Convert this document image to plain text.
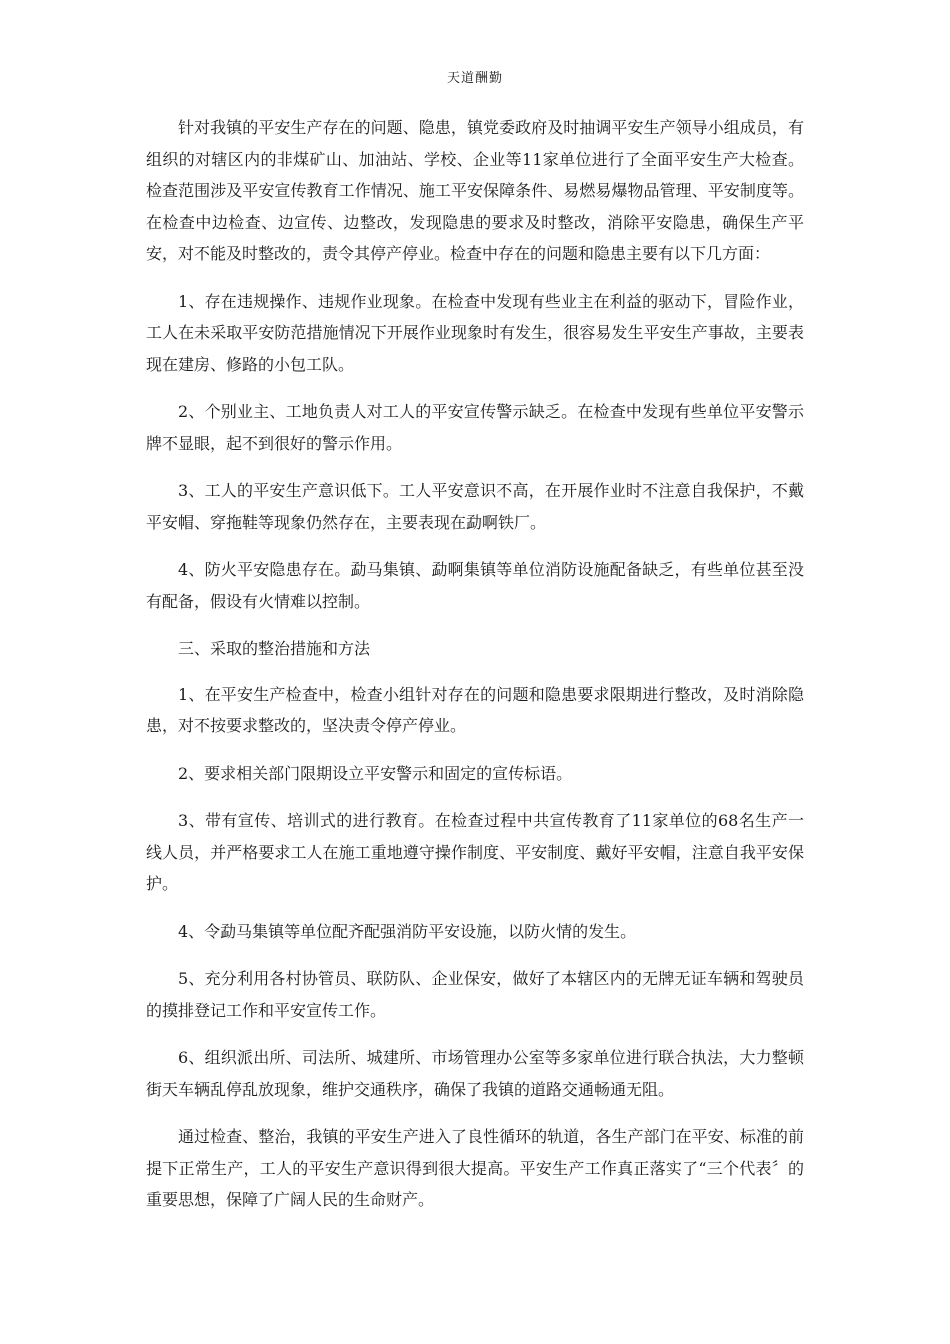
天道酬勤

针对我镇的平安生产存在的问题、隐患，镇党委政府及时抽调平安生产领导小组成员，有组织的对辖区内的非煤矿山、加油站、学校、企业等11家单位进行了全面平安生产大检查。检查范围涉及平安宣传教育工作情况、施工平安保障条件、易燃易爆物品管理、平安制度等。在检查中边检查、边宣传、边整改，发现隐患的要求及时整改，消除平安隐患，确保生产平安，对不能及时整改的，责令其停产停业。检查中存在的问题和隐患主要有以下几方面：

1、存在违规操作、违规作业现象。在检查中发现有些业主在利益的驱动下，冒险作业，工人在未采取平安防范措施情况下开展作业现象时有发生，很容易发生平安生产事故，主要表现在建房、修路的小包工队。

2、个别业主、工地负责人对工人的平安宣传警示缺乏。在检查中发现有些单位平安警示牌不显眼，起不到很好的警示作用。

3、工人的平安生产意识低下。工人平安意识不高，在开展作业时不注意自我保护，不戴平安帽、穿拖鞋等现象仍然存在，主要表现在勐啊铁厂。

4、防火平安隐患存在。勐马集镇、勐啊集镇等单位消防设施配备缺乏，有些单位甚至没有配备，假设有火情难以控制。

三、采取的整治措施和方法

1、在平安生产检查中，检查小组针对存在的问题和隐患要求限期进行整改，及时消除隐患，对不按要求整改的，坚决责令停产停业。

2、要求相关部门限期设立平安警示和固定的宣传标语。

3、带有宣传、培训式的进行教育。在检查过程中共宣传教育了11家单位的68名生产一线人员，并严格要求工人在施工重地遵守操作制度、平安制度、戴好平安帽，注意自我平安保护。

4、令勐马集镇等单位配齐配强消防平安设施，以防火情的发生。

5、充分利用各村协管员、联防队、企业保安，做好了本辖区内的无牌无证车辆和驾驶员的摸排登记工作和平安宣传工作。

6、组织派出所、司法所、城建所、市场管理办公室等多家单位进行联合执法，大力整顿街天车辆乱停乱放现象，维护交通秩序，确保了我镇的道路交通畅通无阻。

通过检查、整治，我镇的平安生产进入了良性循环的轨道，各生产部门在平安、标准的前提下正常生产，工人的平安生产意识得到很大提高。平安生产工作真正落实了“三个代表〞的重要思想，保障了广阔人民的生命财产。
